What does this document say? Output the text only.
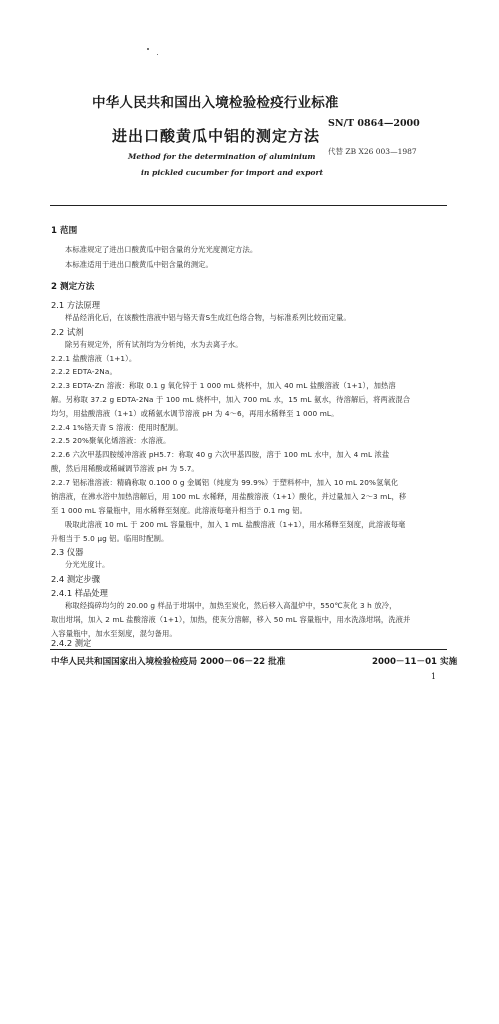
中华人民共和国出入境检验检疫行业标准
进出口酸黄瓜中铝的测定方法
SN/T 0864—2000
代替 ZB X26 003—1987
Method for the determination of aluminium
in pickled cucumber for import and export
1 范围
本标准规定了进出口酸黄瓜中铝含量的分光光度测定方法。
本标准适用于进出口酸黄瓜中铝含量的测定。
2 测定方法
2.1 方法原理
样品经消化后，在该酸性溶液中铝与铬天青S生成红色络合物，与标准系列比较而定量。
2.2 试剂
除另有规定外，所有试剂均为分析纯，水为去离子水。
2.2.1 盐酸溶液（1+1）。
2.2.2 EDTA-2Na。
2.2.3 EDTA-Zn 溶液：称取 0.1 g 氧化锌于 1 000 mL 烧杯中，加入 40 mL 盐酸溶液（1+1），加热溶
解。另称取 37.2 g EDTA-2Na 于 100 mL 烧杯中，加入 700 mL 水，15 mL 氨水，待溶解后，将两液混合
均匀，用盐酸溶液（1+1）或稀氨水调节溶液 pH 为 4～6，再用水稀释至 1 000 mL。
2.2.4 1%铬天青 S 溶液：使用时配制。
2.2.5 20%聚氧化烯溶液：水溶液。
2.2.6 六次甲基四胺缓冲溶液 pH5.7：称取 40 g 六次甲基四胺，溶于 100 mL 水中，加入 4 mL 浓盐
酸，然后用稀酸或稀碱调节溶液 pH 为 5.7。
2.2.7 铝标准溶液：精确称取 0.100 0 g 金属铝（纯度为 99.9%）于塑料杯中，加入 10 mL 20%氢氧化
钠溶液，在沸水浴中加热溶解后，用 100 mL 水稀释，用盐酸溶液（1+1）酸化，并过量加入 2～3 mL，移
至 1 000 mL 容量瓶中，用水稀释至刻度。此溶液每毫升相当于 0.1 mg 铝。
吸取此溶液 10 mL 于 200 mL 容量瓶中，加入 1 mL 盐酸溶液（1+1），用水稀释至刻度，此溶液每毫
升相当于 5.0 μg 铝。临用时配制。
2.3 仪器
分光光度计。
2.4 测定步骤
2.4.1 样品处理
称取经捣碎均匀的 20.00 g 样品于坩埚中，加热至炭化，然后移入高温炉中，550℃灰化 3 h 放冷，
取出坩埚，加入 2 mL 盐酸溶液（1+1），加热，使灰分溶解，移入 50 mL 容量瓶中，用水洗涤坩埚，洗液并
入容量瓶中，加水至刻度，混匀备用。
2.4.2 测定
中华人民共和国国家出入境检验检疫局 2000－06－22 批准	2000－11－01 实施
1
